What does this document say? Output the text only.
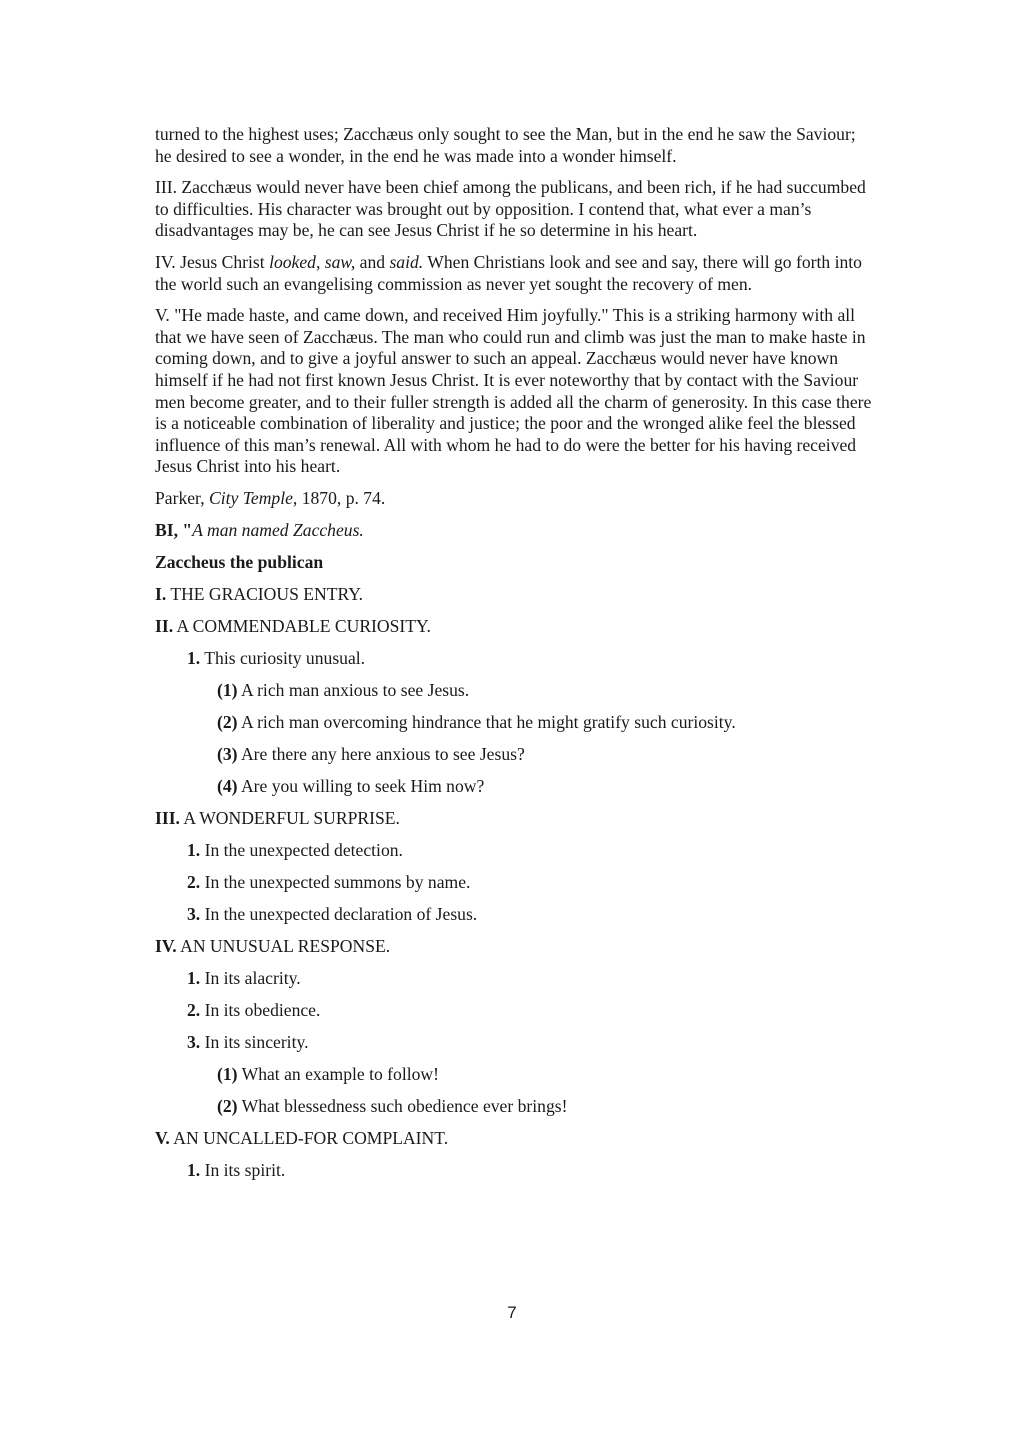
turned to the highest uses; Zacchæus only sought to see the Man, but in the end he saw the Saviour; he desired to see a wonder, in the end he was made into a wonder himself.

III. Zacchæus would never have been chief among the publicans, and been rich, if he had succumbed to difficulties. His character was brought out by opposition. I contend that, what ever a man’s disadvantages may be, he can see Jesus Christ if he so determine in his heart.

IV. Jesus Christ looked, saw, and said. When Christians look and see and say, there will go forth into the world such an evangelising commission as never yet sought the recovery of men.

V. "He made haste, and came down, and received Him joyfully." This is a striking harmony with all that we have seen of Zacchæus. The man who could run and climb was just the man to make haste in coming down, and to give a joyful answer to such an appeal. Zacchæus would never have known himself if he had not first known Jesus Christ. It is ever noteworthy that by contact with the Saviour men become greater, and to their fuller strength is added all the charm of generosity. In this case there is a noticeable combination of liberality and justice; the poor and the wronged alike feel the blessed influence of this man’s renewal. All with whom he had to do were the better for his having received Jesus Christ into his heart.

Parker, City Temple, 1870, p. 74.

BI, "A man named Zaccheus.

Zaccheus the publican

I. THE GRACIOUS ENTRY.

II. A COMMENDABLE CURIOSITY.

1. This curiosity unusual.

(1) A rich man anxious to see Jesus.

(2) A rich man overcoming hindrance that he might gratify such curiosity.

(3) Are there any here anxious to see Jesus?

(4) Are you willing to seek Him now?

III. A WONDERFUL SURPRISE.

1. In the unexpected detection.

2. In the unexpected summons by name.

3. In the unexpected declaration of Jesus.

IV. AN UNUSUAL RESPONSE.

1. In its alacrity.

2. In its obedience.

3. In its sincerity.

(1) What an example to follow!

(2) What blessedness such obedience ever brings!

V. AN UNCALLED-FOR COMPLAINT.

1. In its spirit.

7
